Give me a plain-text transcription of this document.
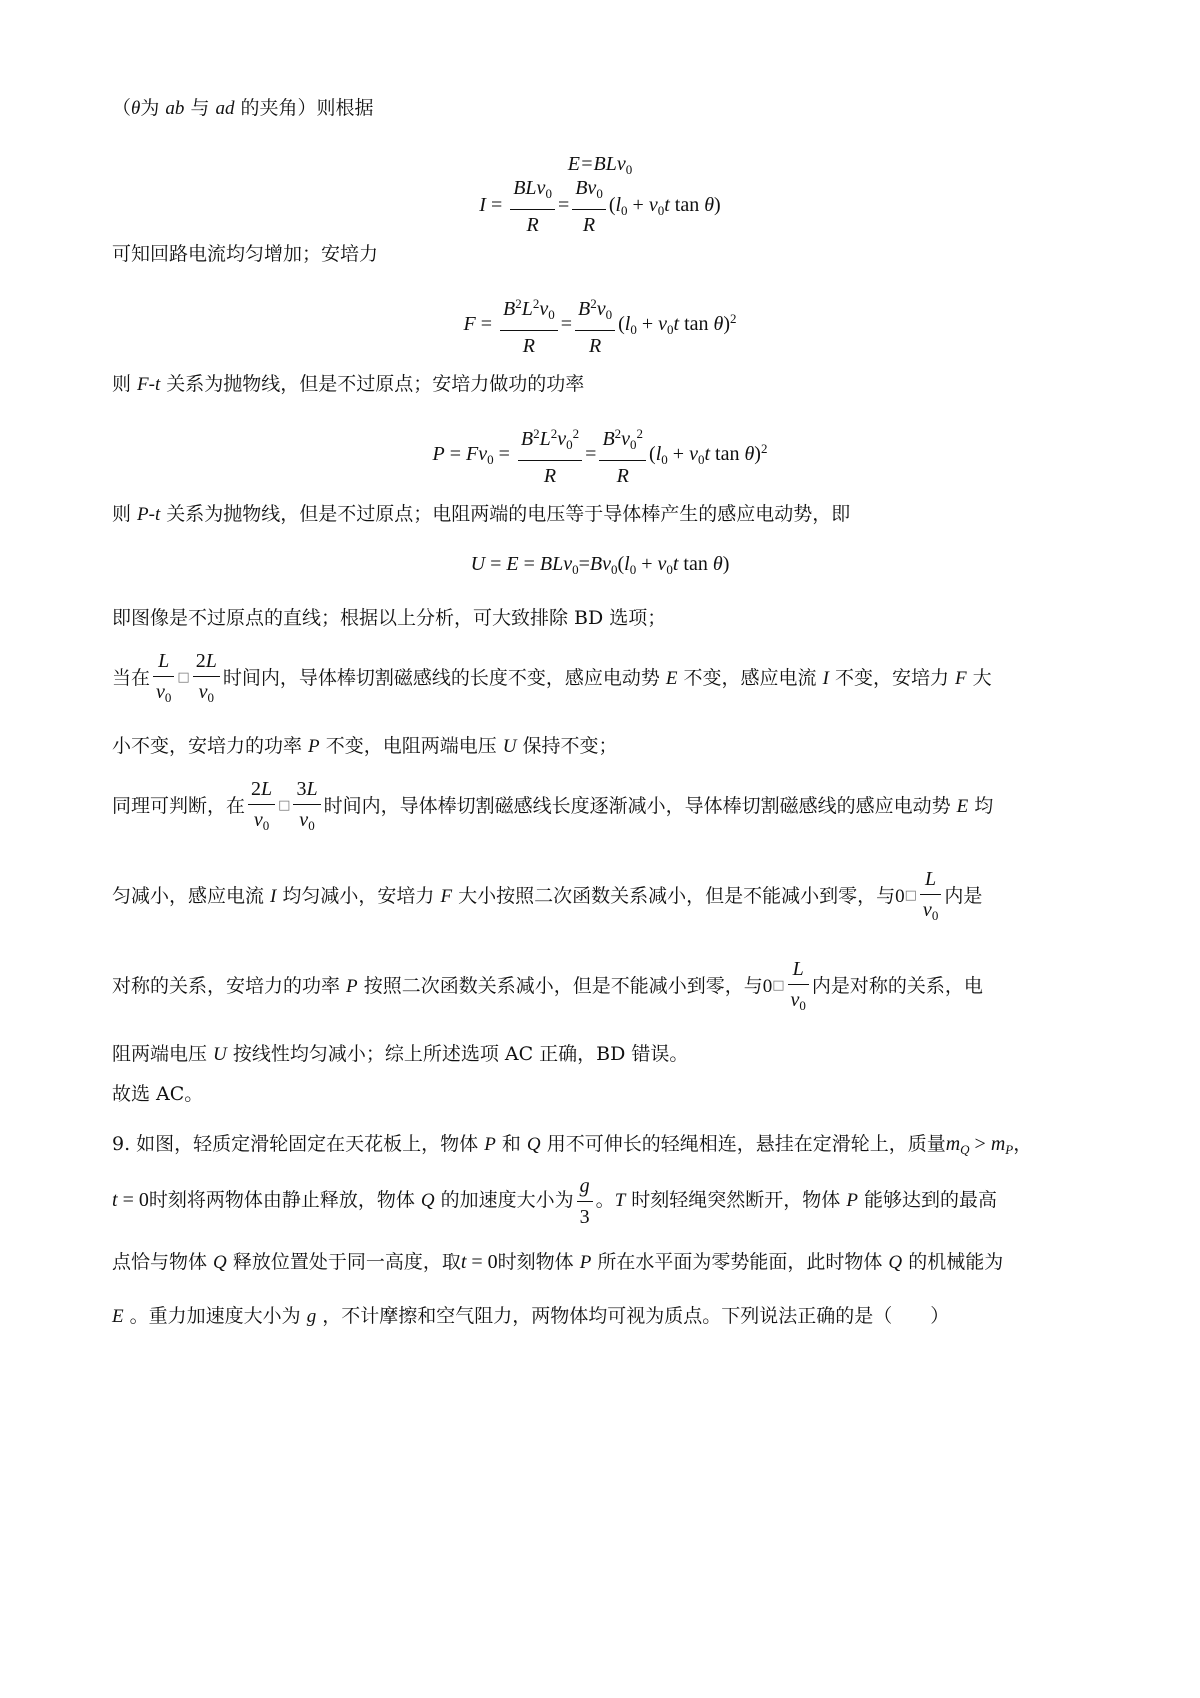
（θ为 ab 与 ad 的夹角）则根据
E=BLv$_0$
$I = \frac{BLv_0}{R} = \frac{Bv_0}{R} (l_0 + v_0t$ tan θ)
可知回路电流均匀增加；安培力
$F = \frac{B^2L^2v_0}{R} = \frac{B^2v_0}{R} (l_0 + v_0t$ tan θ)$^2$
则 F-t 关系为抛物线，但是不过原点；安培力做功的功率
$P = Fv_0 = \frac{B^2L^2v_0^2}{R} = \frac{B^2v_0^2}{R} (l_0 + v_0t$ tan θ)$^2$
则 P-t 关系为抛物线，但是不过原点；电阻两端的电压等于导体棒产生的感应电动势，即
$U = E = BLv_0=Bv_0(l_0 + v_0t$ tan θ)
即图像是不过原点的直线；根据以上分析，可大致排除 BD 选项；
当在 $\frac{L}{v_0}$ □ $\frac{2L}{v_0}$ 时间内，导体棒切割磁感线的长度不变，感应电动势 E 不变，感应电流 I 不变，安培力 F 大
小不变，安培力的功率 P 不变，电阻两端电压 U 保持不变；
同理可判断，在 $\frac{2L}{v_0}$ □ $\frac{3L}{v_0}$ 时间内，导体棒切割磁感线长度逐渐减小，导体棒切割磁感线的感应电动势 E 均
匀减小，感应电流 I 均匀减小，安培力 F 大小按照二次函数关系减小，但是不能减小到零，与0□ $\frac{L}{v_0}$ 内是
对称的关系，安培力的功率 P 按照二次函数关系减小，但是不能减小到零，与0□ $\frac{L}{v_0}$ 内是对称的关系，电
阻两端电压 U 按线性均匀减小；综上所述选项 AC 正确，BD 错误。
故选 AC。
9. 如图，轻质定滑轮固定在天花板上，物体 P 和 Q 用不可伸长的轻绳相连，悬挂在定滑轮上，质量$m_Q > m_P$，
t = 0时刻将两物体由静止释放，物体 Q 的加速度大小为 $\frac{g}{3}$ 。T 时刻轻绳突然断开，物体 P 能够达到的最高
点恰与物体 Q 释放位置处于同一高度，取t = 0时刻物体 P 所在水平面为零势能面，此时物体 Q 的机械能为
E 。重力加速度大小为 g ，不计摩擦和空气阻力，两物体均可视为质点。下列说法正确的是（　　）
